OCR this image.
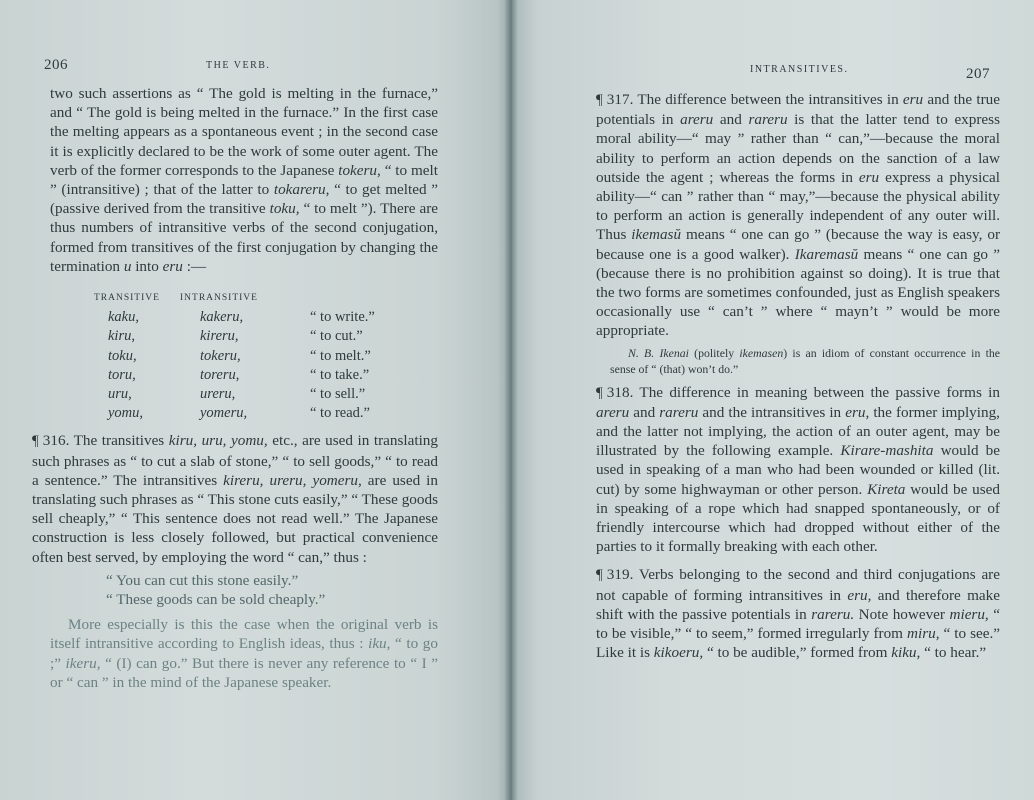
206	THE VERB.

two such assertions as “ The gold is melting in the furnace,” and “ The gold is being melted in the furnace.” In the first case the melting appears as a spontaneous event ; in the second case it is explicitly declared to be the work of some outer agent. The verb of the former corresponds to the Japanese tokeru, “ to melt ” (intransitive) ; that of the latter to tokareru, “ to get melted ” (passive derived from the transitive toku, “ to melt ”). There are thus numbers of intransitive verbs of the second conjugation, formed from transitives of the first conjugation by changing the termination u into eru :—

TRANSITIVE	INTRANSITIVE	
kaku,	kakeru,	“ to write.”
kiru,	kireru,	“ to cut.”
toku,	tokeru,	“ to melt.”
toru,	toreru,	“ to take.”
uru,	ureru,	“ to sell.”
yomu,	yomeru,	“ to read.”

¶ 316. The transitives kiru, uru, yomu, etc., are used in translating such phrases as “ to cut a slab of stone,” “ to sell goods,” “ to read a sentence.” The intransitives kireru, ureru, yomeru, are used in translating such phrases as “ This stone cuts easily,” “ These goods sell cheaply,” “ This sentence does not read well.” The Japanese construction is less closely followed, but practical convenience often best served, by employing the word “ can,” thus :

“ You can cut this stone easily.”

“ These goods can be sold cheaply.”

More especially is this the case when the original verb is itself intransitive according to English ideas, thus : iku, “ to go ;” ikeru, “ (I) can go.” But there is never any reference to “ I ” or “ can ” in the mind of the Japanese speaker.

INTRANSITIVES.	207

¶ 317. The difference between the intransitives in eru and the true potentials in areru and rareru is that the latter tend to express moral ability—“ may ” rather than “ can,”—because the moral ability to perform an action depends on the sanction of a law outside the agent ; whereas the forms in eru express a physical ability—“ can ” rather than “ may,”—because the physical ability to perform an action is generally independent of any outer will. Thus ikemasŭ means “ one can go ” (because the way is easy, or because one is a good walker). Ikaremasŭ means “ one can go ” (because there is no prohibition against so doing). It is true that the two forms are sometimes confounded, just as English speakers occasionally use “ can’t ” where “ mayn’t ” would be more appropriate.

N. B. Ikenai (politely ikemasen) is an idiom of constant occurrence in the sense of “ (that) won’t do.”

¶ 318. The difference in meaning between the passive forms in areru and rareru and the intransitives in eru, the former implying, and the latter not implying, the action of an outer agent, may be illustrated by the following example. Kirare-mashita would be used in speaking of a man who had been wounded or killed (lit. cut) by some highwayman or other person. Kireta would be used in speaking of a rope which had snapped spontaneously, or of friendly intercourse which had dropped without either of the parties to it formally breaking with each other.

¶ 319. Verbs belonging to the second and third conjugations are not capable of forming intransitives in eru, and therefore make shift with the passive potentials in rareru. Note however mieru, “ to be visible,” “ to seem,” formed irregularly from miru, “ to see.” Like it is kikoeru, “ to be audible,” formed from kiku, “ to hear.”
